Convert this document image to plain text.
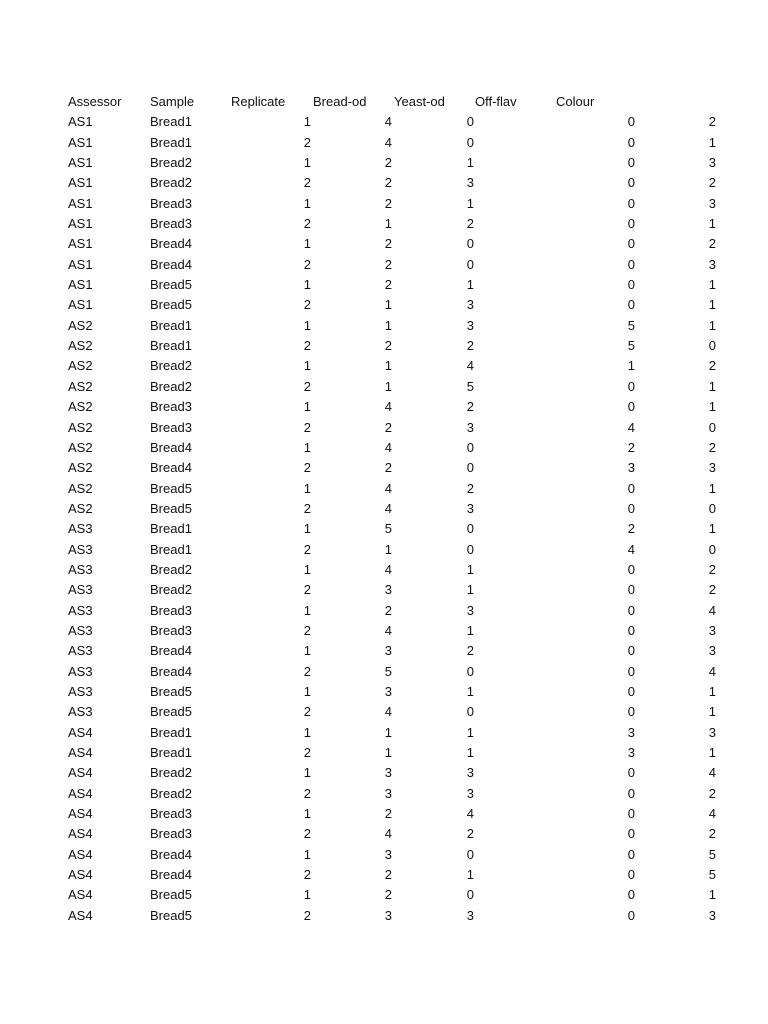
Assessor Sample	Replicate Bread-od Yeast-od Off-flav	Colour
AS1	Bread1	1	4	0	0	2
AS1	Bread1	2	4	0	0	1
AS1	Bread2	1	2	1	0	3
AS1	Bread2	2	2	3	0	2
AS1	Bread3	1	2	1	0	3
AS1	Bread3	2	1	2	0	1
AS1	Bread4	1	2	0	0	2
AS1	Bread4	2	2	0	0	3
AS1	Bread5	1	2	1	0	1
AS1	Bread5	2	1	3	0	1
AS2	Bread1	1	1	3	5	1
AS2	Bread1	2	2	2	5	0
AS2	Bread2	1	1	4	1	2
AS2	Bread2	2	1	5	0	1
AS2	Bread3	1	4	2	0	1
AS2	Bread3	2	2	3	4	0
AS2	Bread4	1	4	0	2	2
AS2	Bread4	2	2	0	3	3
AS2	Bread5	1	4	2	0	1
AS2	Bread5	2	4	3	0	0
AS3	Bread1	1	5	0	2	1
AS3	Bread1	2	1	0	4	0
AS3	Bread2	1	4	1	0	2
AS3	Bread2	2	3	1	0	2
AS3	Bread3	1	2	3	0	4
AS3	Bread3	2	4	1	0	3
AS3	Bread4	1	3	2	0	3
AS3	Bread4	2	5	0	0	4
AS3	Bread5	1	3	1	0	1
AS3	Bread5	2	4	0	0	1
AS4	Bread1	1	1	1	3	3
AS4	Bread1	2	1	1	3	1
AS4	Bread2	1	3	3	0	4
AS4	Bread2	2	3	3	0	2
AS4	Bread3	1	2	4	0	4
AS4	Bread3	2	4	2	0	2
AS4	Bread4	1	3	0	0	5
AS4	Bread4	2	2	1	0	5
AS4	Bread5	1	2	0	0	1
AS4	Bread5	2	3	3	0	3
